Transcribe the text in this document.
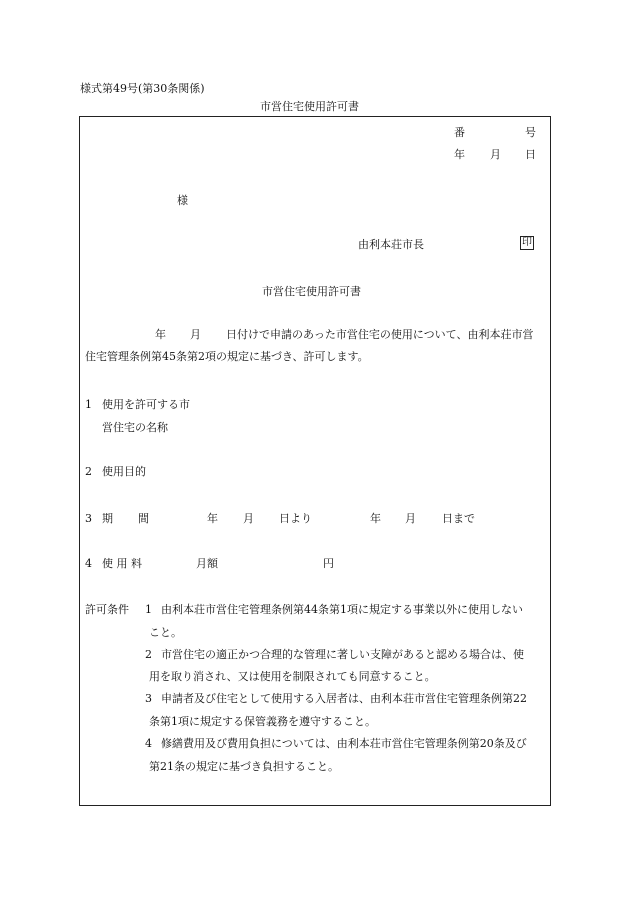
様式第49号(第30条関係)
市営住宅使用許可書
番	号
年 月 日
様
由利本荘市長	印
市営住宅使用許可書
年 月 日付けで申請のあった市営住宅の使用について、由利本荘市営
住宅管理条例第45条第2項の規定に基づき、許可します。
1 使用を許可する市
営住宅の名称
2 使用目的
3 期 間	年 月 日より	年 月 日まで
4 使 用 料	月額	円
許可条件 1 由利本荘市営住宅管理条例第44条第1項に規定する事業以外に使用しない
こと。
2 市営住宅の適正かつ合理的な管理に著しい支障があると認める場合は、使
用を取り消され、又は使用を制限されても同意すること。
3 申請者及び住宅として使用する入居者は、由利本荘市営住宅管理条例第22
条第1項に規定する保管義務を遵守すること。
4 修繕費用及び費用負担については、由利本荘市営住宅管理条例第20条及び
第21条の規定に基づき負担すること。
